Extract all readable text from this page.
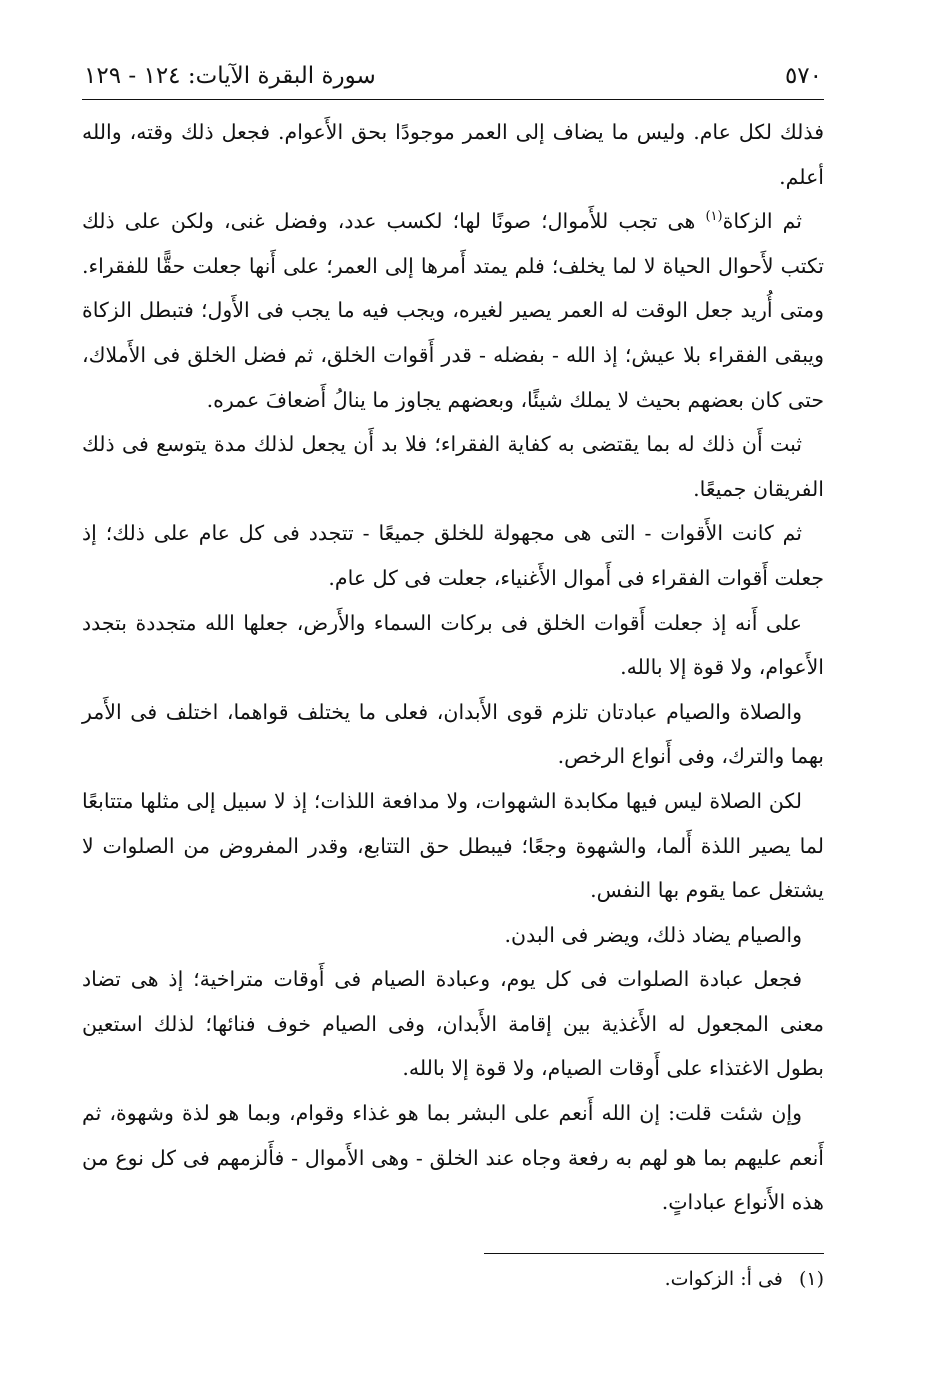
٥٧٠
سورة البقرة الآيات: ١٢٤ - ١٢٩

فذلك لكل عام. وليس ما يضاف إلى العمر موجودًا بحق الأَعوام. فجعل ذلك وقته، والله أعلم.

ثم الزكاة$^{(١)}$ هى تجب للأَموال؛ صونًا لها؛ لكسب عدد، وفضل غنى، ولكن على ذلك تكتب لأَحوال الحياة لا لما يخلف؛ فلم يمتد أَمرها إلى العمر؛ على أَنها جعلت حقًّا للفقراء. ومتى أُريد جعل الوقت له العمر يصير لغيره، ويجب فيه ما يجب فى الأَول؛ فتبطل الزكاة ويبقى الفقراء بلا عيش؛ إذ الله - بفضله - قدر أَقوات الخلق، ثم فضل الخلق فى الأَملاك، حتى كان بعضهم بحيث لا يملك شيئًا، وبعضهم يجاوز ما ينالُ أَضعافَ عمره.

ثبت أَن ذلك له بما يقتضى به كفاية الفقراء؛ فلا بد أَن يجعل لذلك مدة يتوسع فى ذلك الفريقان جميعًا.

ثم كانت الأَقوات - التى هى مجهولة للخلق جميعًا - تتجدد فى كل عام على ذلك؛ إذ جعلت أَقوات الفقراء فى أَموال الأَغنياء، جعلت فى كل عام.

على أَنه إذ جعلت أَقوات الخلق فى بركات السماء والأَرض، جعلها الله متجددة بتجدد الأَعوام، ولا قوة إلا بالله.

والصلاة والصيام عبادتان تلزم قوى الأَبدان، فعلى ما يختلف قواهما، اختلف فى الأَمر بهما والترك، وفى أَنواع الرخص.

لكن الصلاة ليس فيها مكابدة الشهوات، ولا مدافعة اللذات؛ إذ لا سبيل إلى مثلها متتابعًا لما يصير اللذة أَلما، والشهوة وجعًا؛ فيبطل حق التتابع، وقدر المفروض من الصلوات لا يشتغل عما يقوم بها النفس.

والصيام يضاد ذلك، ويضر فى البدن.

فجعل عبادة الصلوات فى كل يوم، وعبادة الصيام فى أَوقات متراخية؛ إذ هى تضاد معنى المجعول له الأَغذية بين إقامة الأَبدان، وفى الصيام خوف فنائها؛ لذلك استعين بطول الاغتذاء على أَوقات الصيام، ولا قوة إلا بالله.

وإن شئت قلت: إن الله أَنعم على البشر بما هو غذاء وقوام، وبما هو لذة وشهوة، ثم أَنعم عليهم بما هو لهم به رفعة وجاه عند الخلق - وهى الأَموال - فأَلزمهم فى كل نوع من هذه الأَنواع عباداتٍ.

(١) فى أ: الزكوات.
